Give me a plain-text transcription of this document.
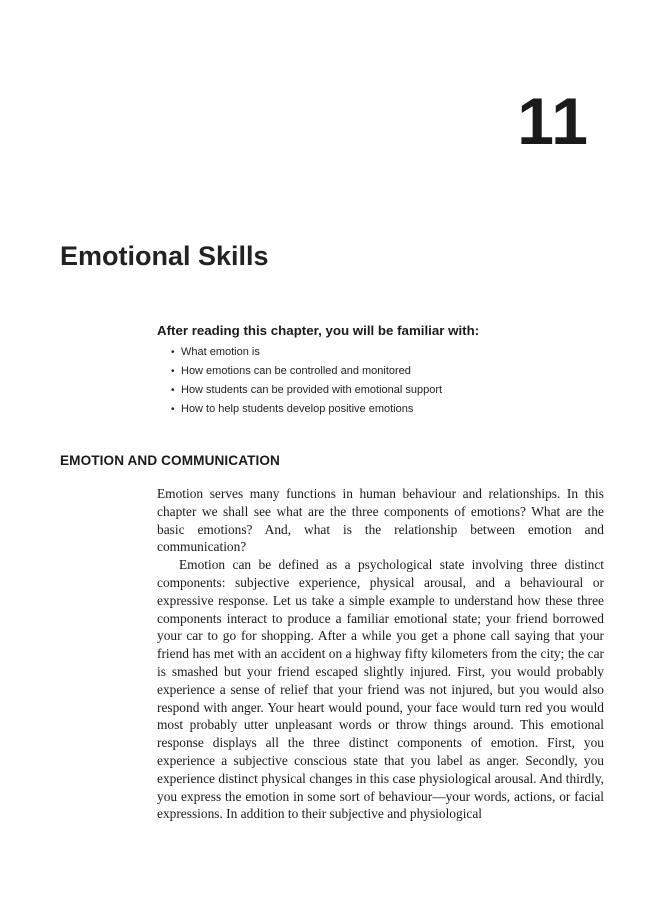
11
Emotional Skills
After reading this chapter, you will be familiar with:
• What emotion is
• How emotions can be controlled and monitored
• How students can be provided with emotional support
• How to help students develop positive emotions
EMOTION AND COMMUNICATION

Emotion serves many functions in human behaviour and relationships. In this chapter we shall see what are the three components of emotions? What are the basic emotions? And, what is the relationship between emotion and communication?

Emotion can be defined as a psychological state involving three distinct components: subjective experience, physical arousal, and a behavioural or expressive response. Let us take a simple example to understand how these three components interact to produce a familiar emotional state; your friend borrowed your car to go for shopping. After a while you get a phone call saying that your friend has met with an accident on a highway fifty kilometers from the city; the car is smashed but your friend escaped slightly injured. First, you would probably experience a sense of relief that your friend was not injured, but you would also respond with anger. Your heart would pound, your face would turn red you would most probably utter unpleasant words or throw things around. This emotional response displays all the three distinct components of emotion. First, you experience a subjective conscious state that you label as anger. Secondly, you experience distinct physical changes in this case physiological arousal. And thirdly, you express the emotion in some sort of behaviour—your words, actions, or facial expressions. In addition to their subjective and physiological
